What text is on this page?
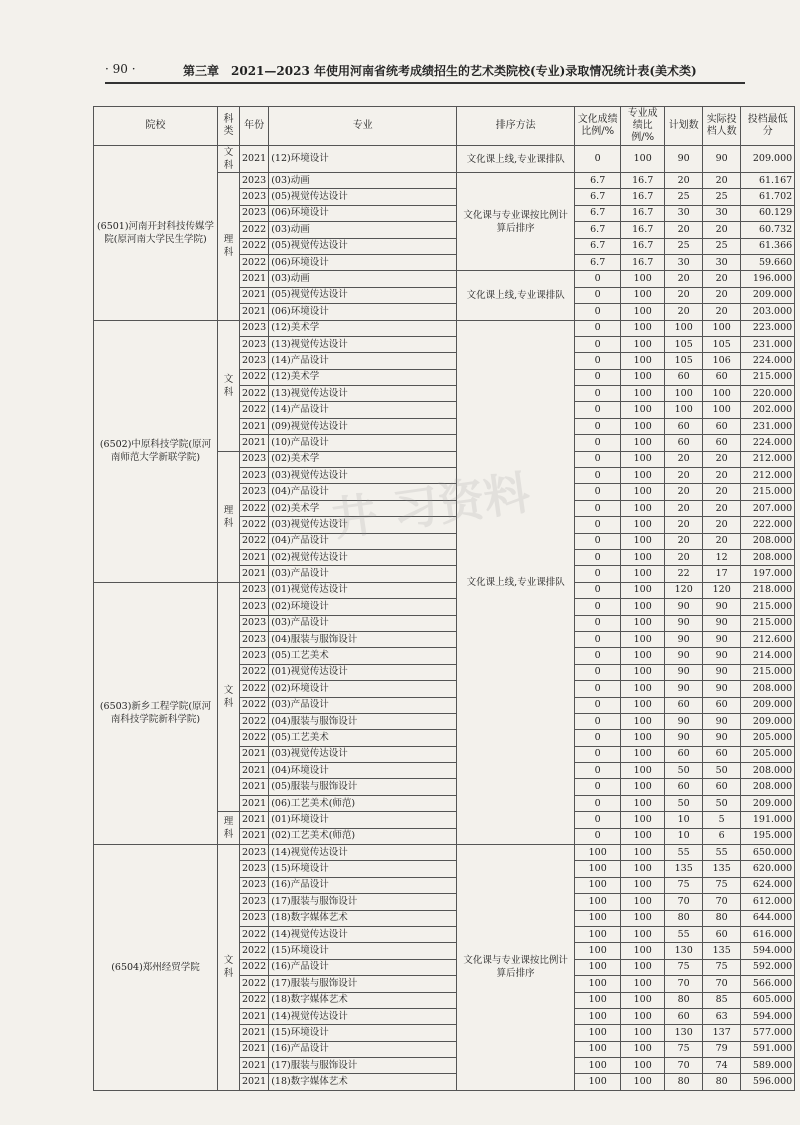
· 90 ·	第三章　2021—2023 年使用河南省统考成绩招生的艺术类院校(专业)录取情况统计表(美术类)
院校	科类	年份	专业	排序方法	文化成绩比例/%	专业成绩比例/%	计划数	实际投档人数	投档最低分
(6501)河南开封科技传媒学院(原河南大学民生学院)	文科	2021	(12)环境设计	文化课上线,专业课排队	0	100	90	90	209.000
	理科	2023	(03)动画	文化课与专业课按比例计算后排序	6.7	16.7	20	20	61.167
		2023	(05)视觉传达设计		6.7	16.7	25	25	61.702
		2023	(06)环境设计		6.7	16.7	30	30	60.129
		2022	(03)动画		6.7	16.7	20	20	60.732
		2022	(05)视觉传达设计		6.7	16.7	25	25	61.366
		2022	(06)环境设计		6.7	16.7	30	30	59.660
		2021	(03)动画	文化课上线,专业课排队	0	100	20	20	196.000
		2021	(05)视觉传达设计		0	100	20	20	209.000
		2021	(06)环境设计		0	100	20	20	203.000
(6502)中原科技学院(原河南师范大学新联学院)	文科	2023	(12)美术学	文化课上线,专业课排队	0	100	100	100	223.000
		2023	(13)视觉传达设计		0	100	105	105	231.000
		2023	(14)产品设计		0	100	105	106	224.000
		2022	(12)美术学		0	100	60	60	215.000
		2022	(13)视觉传达设计		0	100	100	100	220.000
		2022	(14)产品设计		0	100	100	100	202.000
		2021	(09)视觉传达设计		0	100	60	60	231.000
		2021	(10)产品设计		0	100	60	60	224.000
	理科	2023	(02)美术学		0	100	20	20	212.000
		2023	(03)视觉传达设计		0	100	20	20	212.000
		2023	(04)产品设计		0	100	20	20	215.000
		2022	(02)美术学		0	100	20	20	207.000
		2022	(03)视觉传达设计		0	100	20	20	222.000
		2022	(04)产品设计		0	100	20	20	208.000
		2021	(02)视觉传达设计		0	100	20	12	208.000
		2021	(03)产品设计		0	100	22	17	197.000
(6503)新乡工程学院(原河南科技学院新科学院)	文科	2023	(01)视觉传达设计		0	100	120	120	218.000
		2023	(02)环境设计		0	100	90	90	215.000
		2023	(03)产品设计		0	100	90	90	215.000
		2023	(04)服装与服饰设计		0	100	90	90	212.600
		2023	(05)工艺美术		0	100	90	90	214.000
		2022	(01)视觉传达设计		0	100	90	90	215.000
		2022	(02)环境设计		0	100	90	90	208.000
		2022	(03)产品设计		0	100	60	60	209.000
		2022	(04)服装与服饰设计		0	100	90	90	209.000
		2022	(05)工艺美术		0	100	90	90	205.000
		2021	(03)视觉传达设计		0	100	60	60	205.000
		2021	(04)环境设计		0	100	50	50	208.000
		2021	(05)服装与服饰设计		0	100	60	60	208.000
		2021	(06)工艺美术(师范)		0	100	50	50	209.000
	理科	2021	(01)环境设计		0	100	10	5	191.000
		2021	(02)工艺美术(师范)		0	100	10	6	195.000
(6504)郑州经贸学院	文科	2023	(14)视觉传达设计	文化课与专业课按比例计算后排序	100	100	55	55	650.000
		2023	(15)环境设计		100	100	135	135	620.000
		2023	(16)产品设计		100	100	75	75	624.000
		2023	(17)服装与服饰设计		100	100	70	70	612.000
		2023	(18)数字媒体艺术		100	100	80	80	644.000
		2022	(14)视觉传达设计		100	100	55	60	616.000
		2022	(15)环境设计		100	100	130	135	594.000
		2022	(16)产品设计		100	100	75	75	592.000
		2022	(17)服装与服饰设计		100	100	70	70	566.000
		2022	(18)数字媒体艺术		100	100	80	85	605.000
		2021	(14)视觉传达设计		100	100	60	63	594.000
		2021	(15)环境设计		100	100	130	137	577.000
		2021	(16)产品设计		100	100	75	79	591.000
		2021	(17)服装与服饰设计		100	100	70	74	589.000
		2021	(18)数字媒体艺术		100	100	80	80	596.000
井 习资料
